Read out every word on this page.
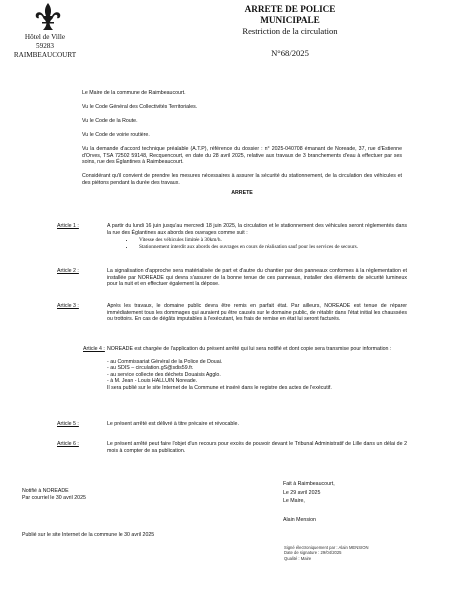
Hôtel de Ville
59283 RAIMBEAUCOURT
ARRETE DE POLICE MUNICIPALE
Restriction de la circulation
N°68/2025

Le Maire de la commune de Raimbeaucourt.

Vu le Code Général des Collectivités Territoriales.

Vu le Code de la Route.

Vu le Code de voirie routière.

Vu la demande d'accord technique préalable (A.T.P), référence du dossier : n° 2025-040708 émanant de Noreade, 37, rue d'Estienne d'Orves, TSA 72502 59148, Recquencourt, en date du 28 avril 2025, relative aux travaux de 3 branchements d'eau à effectuer par ses soins, rue des Églantines à Raimbeaucourt.

Considérant qu'il convient de prendre les mesures nécessaires à assurer la sécurité du stationnement, de la circulation des véhicules et des piétons pendant la durée des travaux.

ARRETE
Article 1 :	A partir du lundi 16 juin jusqu'au mercredi 18 juin 2025, la circulation et le stationnement des véhicules seront réglementés dans la rue des Églantines aux abords des ouvrages comme suit :
• Vitesse des véhicules limitée à 30km/h.
• Stationnement interdit aux abords des ouvrages en cours de réalisation sauf pour les services de secours.
Article 2 :	La signalisation d'approche sera matérialisée de part et d'autre du chantier par des panneaux conformes à la réglementation et installée par NOREADE qui devra s'assurer de la bonne tenue de ces panneaux, installer des éléments de sécurité lumineux pour la nuit et en effectuer également la dépose.
Article 3 :	Après les travaux, le domaine public devra être remis en parfait état. Par ailleurs, NOREADE est tenue de réparer immédiatement tous les dommages qui auraient pu être causés sur le domaine public, de rétablir dans l'état initial les chaussées ou trottoirs. En cas de dégâts imputables à l'exécutant, les frais de remise en état lui seront facturés.
Article 4 : NOREADE est chargée de l'application du présent arrêté qui lui sera notifié et dont copie sera transmise pour information :

- au Commissariat Général de la Police de Douai.

- au SDIS – circulation.gS@sdis59.fr.

- au service collecte des déchets Douaisis Agglo.

- à M. Jean - Louis HALLUIN Noreade.

Il sera publié sur le site Internet de la Commune et inséré dans le registre des actes de l'exécutif.

Article 5 :	Le présent arrêté est délivré à titre précaire et révocable.
Article 6 :	Le présent arrêté peut faire l'objet d'un recours pour excès de pouvoir devant le Tribunal Administratif de Lille dans un délai de 2 mois à compter de sa publication.
Notifié à NOREADE
Par courriel le 30 avril 2025
Publié sur le site Internet de la commune le 30 avril 2025
Fait à Raimbeaucourt,
Le 29 avril 2025
Le Maire,
Alain Mension
Signé électroniquement par : Alain MENSION
Date de signature : 29/04/2025
Qualité : Maire
